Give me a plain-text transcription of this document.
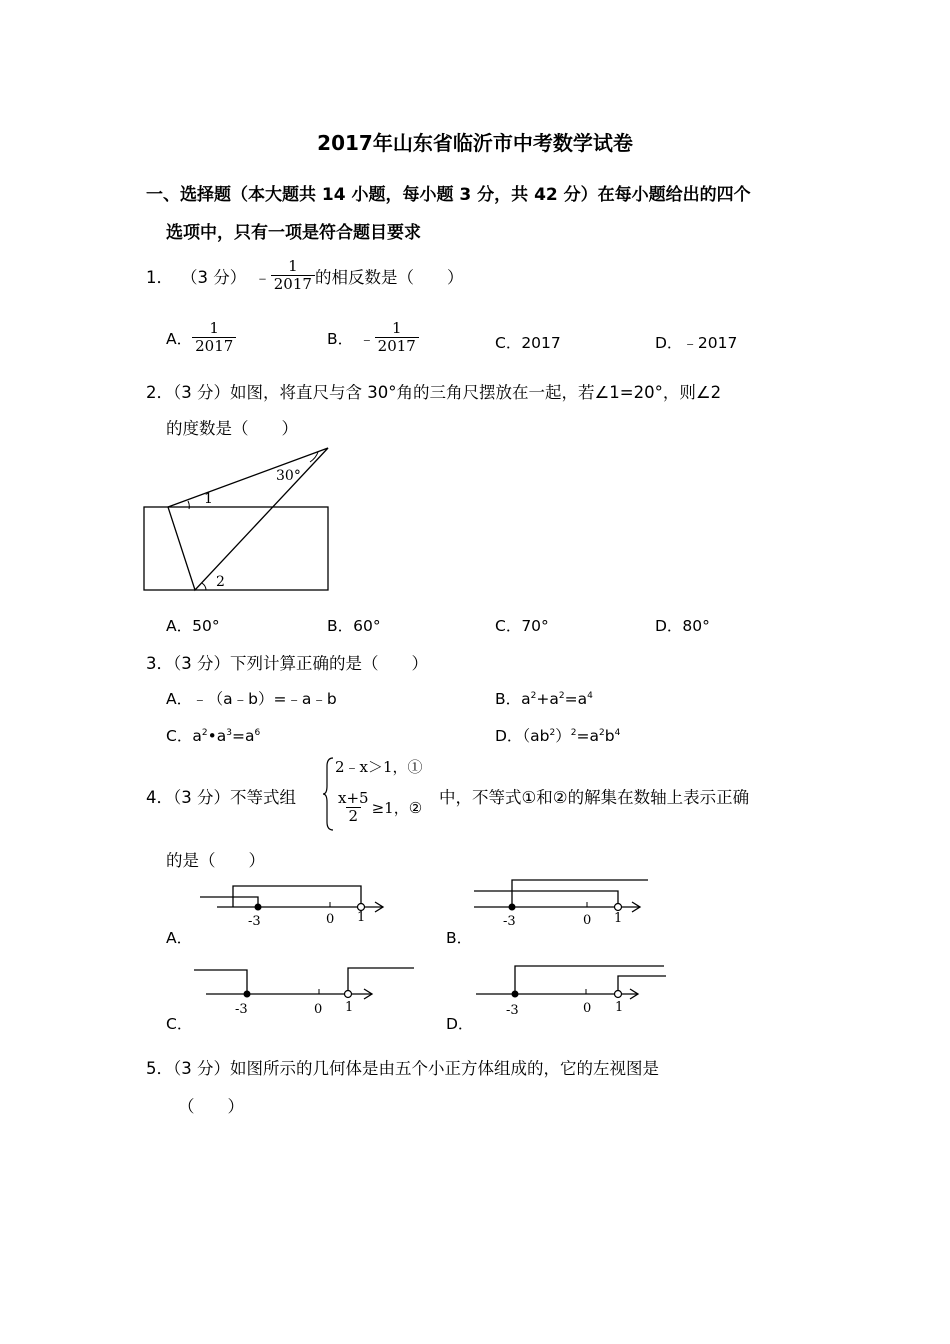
2017年山东省临沂市中考数学试卷
一、选择题（本大题共 14 小题，每小题 3 分，共 42 分）在每小题给出的四个
选项中，只有一项是符合题目要求
1． （3 分） ﹣ $\frac{1}{2017}$ 的相反数是（　　）
A． $\frac{1}{2017}$	B． ﹣ $\frac{1}{2017}$	C．2017	D．﹣2017
2．（3 分）如图，将直尺与含 30°角的三角尺摆放在一起，若∠1=20°，则∠2
的度数是（　　）
30°
1
2
A．50°	B．60°	C．70°	D．80°
3．（3 分）下列计算正确的是（　　）
A．﹣（a﹣b）=﹣a﹣b	B．$a^2+a^2=a^4$
C．$a^2•a^3=a^6$	D．$(ab^2)^2=a^2b^4$
4．（3 分）不等式组
2﹣x＞1，①
$\frac{x+5}{2} \ge 1$， ②
中，不等式①和②的解集在数轴上表示正确
的是（　　）
A．
-3	0 1
B．
-3	0 1
C．
-3	0 1
D．
-3	0 1
5．（3 分）如图所示的几何体是由五个小正方体组成的，它的左视图是
（　　）
